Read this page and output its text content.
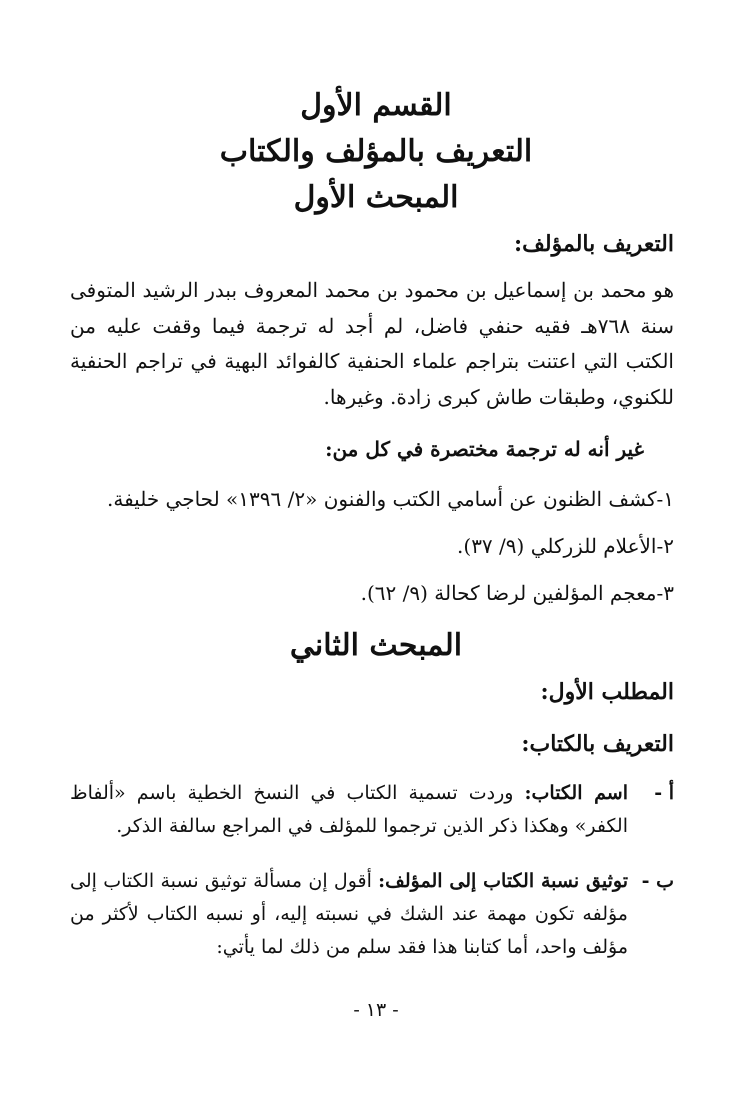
القسم الأول
التعريف بالمؤلف والكتاب
المبحث الأول
التعريف بالمؤلف:
هو محمد بن إسماعيل بن محمود بن محمد المعروف ببدر الرشيد المتوفى سنة ٧٦٨هـ فقيه حنفي فاضل، لم أجد له ترجمة فيما وقفت عليه من الكتب التي اعتنت بتراجم علماء الحنفية كالفوائد البهية في تراجم الحنفية للكنوي، وطبقات طاش كبرى زادة. وغيرها.
غير أنه له ترجمة مختصرة في كل من:
١-كشف الظنون عن أسامي الكتب والفنون «٢/ ١٣٩٦» لحاجي خليفة.
٢-الأعلام للزركلي (٩/ ٣٧).
٣-معجم المؤلفين لرضا كحالة (٩/ ٦٢).
المبحث الثاني
المطلب الأول:
التعريف بالكتاب:
أ -
اسم الكتاب: وردت تسمية الكتاب في النسخ الخطية باسم «ألفاظ الكفر» وهكذا ذكر الذين ترجموا للمؤلف في المراجع سالفة الذكر.
ب -
توثيق نسبة الكتاب إلى المؤلف: أقول إن مسألة توثيق نسبة الكتاب إلى مؤلفه تكون مهمة عند الشك في نسبته إليه، أو نسبه الكتاب لأكثر من مؤلف واحد، أما كتابنا هذا فقد سلم من ذلك لما يأتي:
- ١٣ -
